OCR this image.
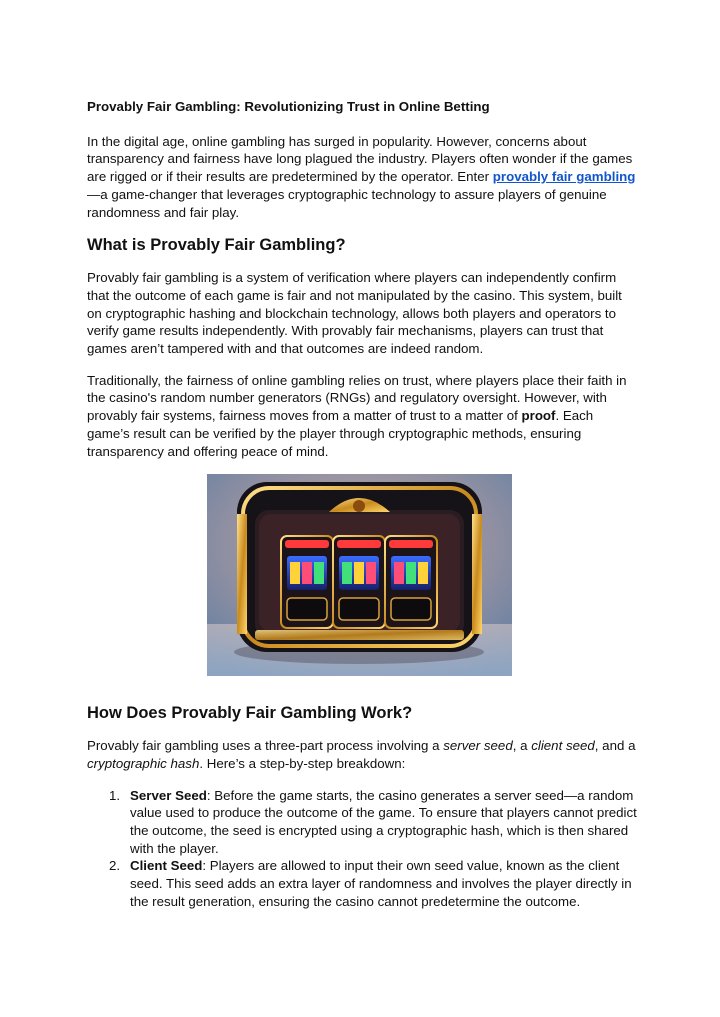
Provably Fair Gambling: Revolutionizing Trust in Online Betting

In the digital age, online gambling has surged in popularity. However, concerns about transparency and fairness have long plagued the industry. Players often wonder if the games are rigged or if their results are predetermined by the operator. Enter provably fair gambling—a game-changer that leverages cryptographic technology to assure players of genuine randomness and fair play.

What is Provably Fair Gambling?

Provably fair gambling is a system of verification where players can independently confirm that the outcome of each game is fair and not manipulated by the casino. This system, built on cryptographic hashing and blockchain technology, allows both players and operators to verify game results independently. With provably fair mechanisms, players can trust that games aren’t tampered with and that outcomes are indeed random.

Traditionally, the fairness of online gambling relies on trust, where players place their faith in the casino's random number generators (RNGs) and regulatory oversight. However, with provably fair systems, fairness moves from a matter of trust to a matter of proof. Each game’s result can be verified by the player through cryptographic methods, ensuring transparency and offering peace of mind.

How Does Provably Fair Gambling Work?

Provably fair gambling uses a three-part process involving a server seed, a client seed, and a cryptographic hash. Here’s a step-by-step breakdown:

1. Server Seed: Before the game starts, the casino generates a server seed—a random value used to produce the outcome of the game. To ensure that players cannot predict the outcome, the seed is encrypted using a cryptographic hash, which is then shared with the player.
2. Client Seed: Players are allowed to input their own seed value, known as the client seed. This seed adds an extra layer of randomness and involves the player directly in the result generation, ensuring the casino cannot predetermine the outcome.
